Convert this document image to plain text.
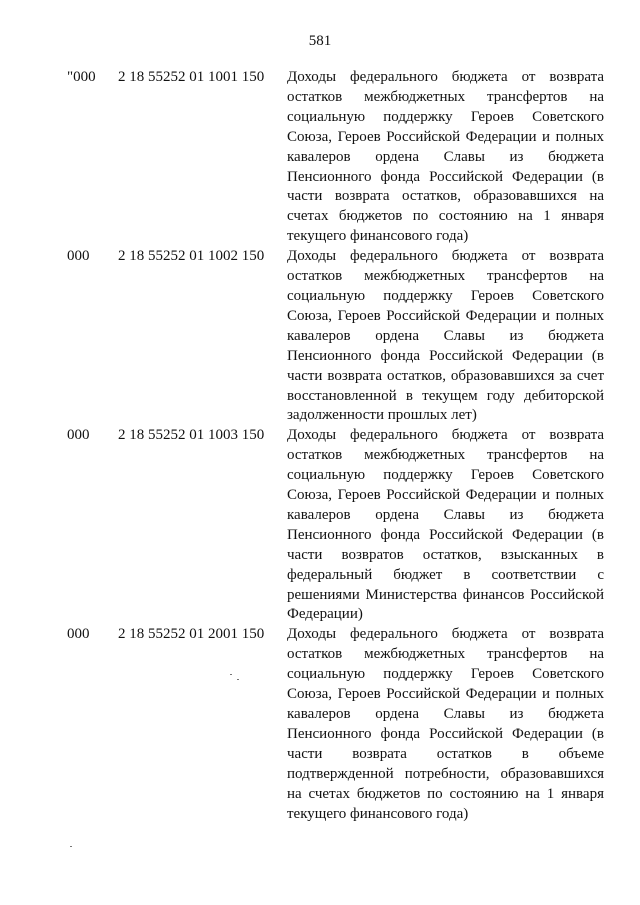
581
"000 2 18 55252 01 1001 150 Доходы федерального бюджета от возврата остатков межбюджетных трансфертов на социальную поддержку Героев Советского Союза, Героев Российской Федерации и полных кавалеров ордена Славы из бюджета Пенсионного фонда Российской Федерации (в части возврата остатков, образовавшихся на счетах бюджетов по состоянию на 1 января текущего финансового года)
000 2 18 55252 01 1002 150 Доходы федерального бюджета от возврата остатков межбюджетных трансфертов на социальную поддержку Героев Советского Союза, Героев Российской Федерации и полных кавалеров ордена Славы из бюджета Пенсионного фонда Российской Федерации (в части возврата остатков, образовавшихся за счет восстановленной в текущем году дебиторской задолженности прошлых лет)
000 2 18 55252 01 1003 150 Доходы федерального бюджета от возврата остатков межбюджетных трансфертов на социальную поддержку Героев Советского Союза, Героев Российской Федерации и полных кавалеров ордена Славы из бюджета Пенсионного фонда Российской Федерации (в части возвратов остатков, взысканных в федеральный бюджет в соответствии с решениями Министерства финансов Российской Федерации)
000 2 18 55252 01 2001 150 Доходы федерального бюджета от возврата остатков межбюджетных трансфертов на социальную поддержку Героев Советского Союза, Героев Российской Федерации и полных кавалеров ордена Славы из бюджета Пенсионного фонда Российской Федерации (в части возврата остатков в объеме подтвержденной потребности, образовавшихся на счетах бюджетов по состоянию на 1 января текущего финансового года)
